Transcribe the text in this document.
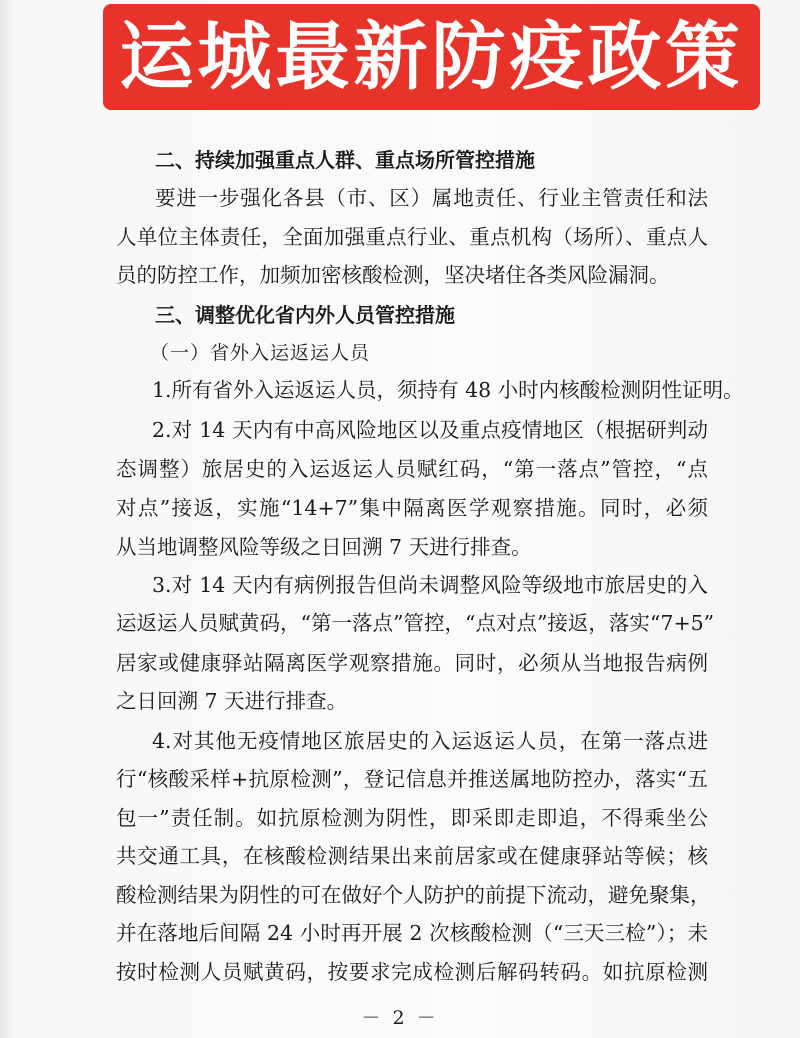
运城最新防疫政策
二、持续加强重点人群、重点场所管控措施
要进一步强化各县（市、区）属地责任、行业主管责任和法
人单位主体责任，全面加强重点行业、重点机构（场所）、重点人
员的防控工作，加频加密核酸检测，坚决堵住各类风险漏洞。
三、调整优化省内外人员管控措施
（一）省外入运返运人员
1.所有省外入运返运人员，须持有 48 小时内核酸检测阴性证明。
2.对 14 天内有中高风险地区以及重点疫情地区（根据研判动
态调整）旅居史的入运返运人员赋红码，“第一落点”管控，“点
对点”接返，实施“14+7”集中隔离医学观察措施。同时，必须
从当地调整风险等级之日回溯 7 天进行排查。
3.对 14 天内有病例报告但尚未调整风险等级地市旅居史的入
运返运人员赋黄码，“第一落点”管控，“点对点”接返，落实“7+5”
居家或健康驿站隔离医学观察措施。同时，必须从当地报告病例
之日回溯 7 天进行排查。
4.对其他无疫情地区旅居史的入运返运人员，在第一落点进
行“核酸采样+抗原检测”，登记信息并推送属地防控办，落实“五
包一”责任制。如抗原检测为阴性，即采即走即追，不得乘坐公
共交通工具，在核酸检测结果出来前居家或在健康驿站等候；核
酸检测结果为阴性的可在做好个人防护的前提下流动，避免聚集，
并在落地后间隔 24 小时再开展 2 次核酸检测（“三天三检”）；未
按时检测人员赋黄码，按要求完成检测后解码转码。如抗原检测
－ 2 －
